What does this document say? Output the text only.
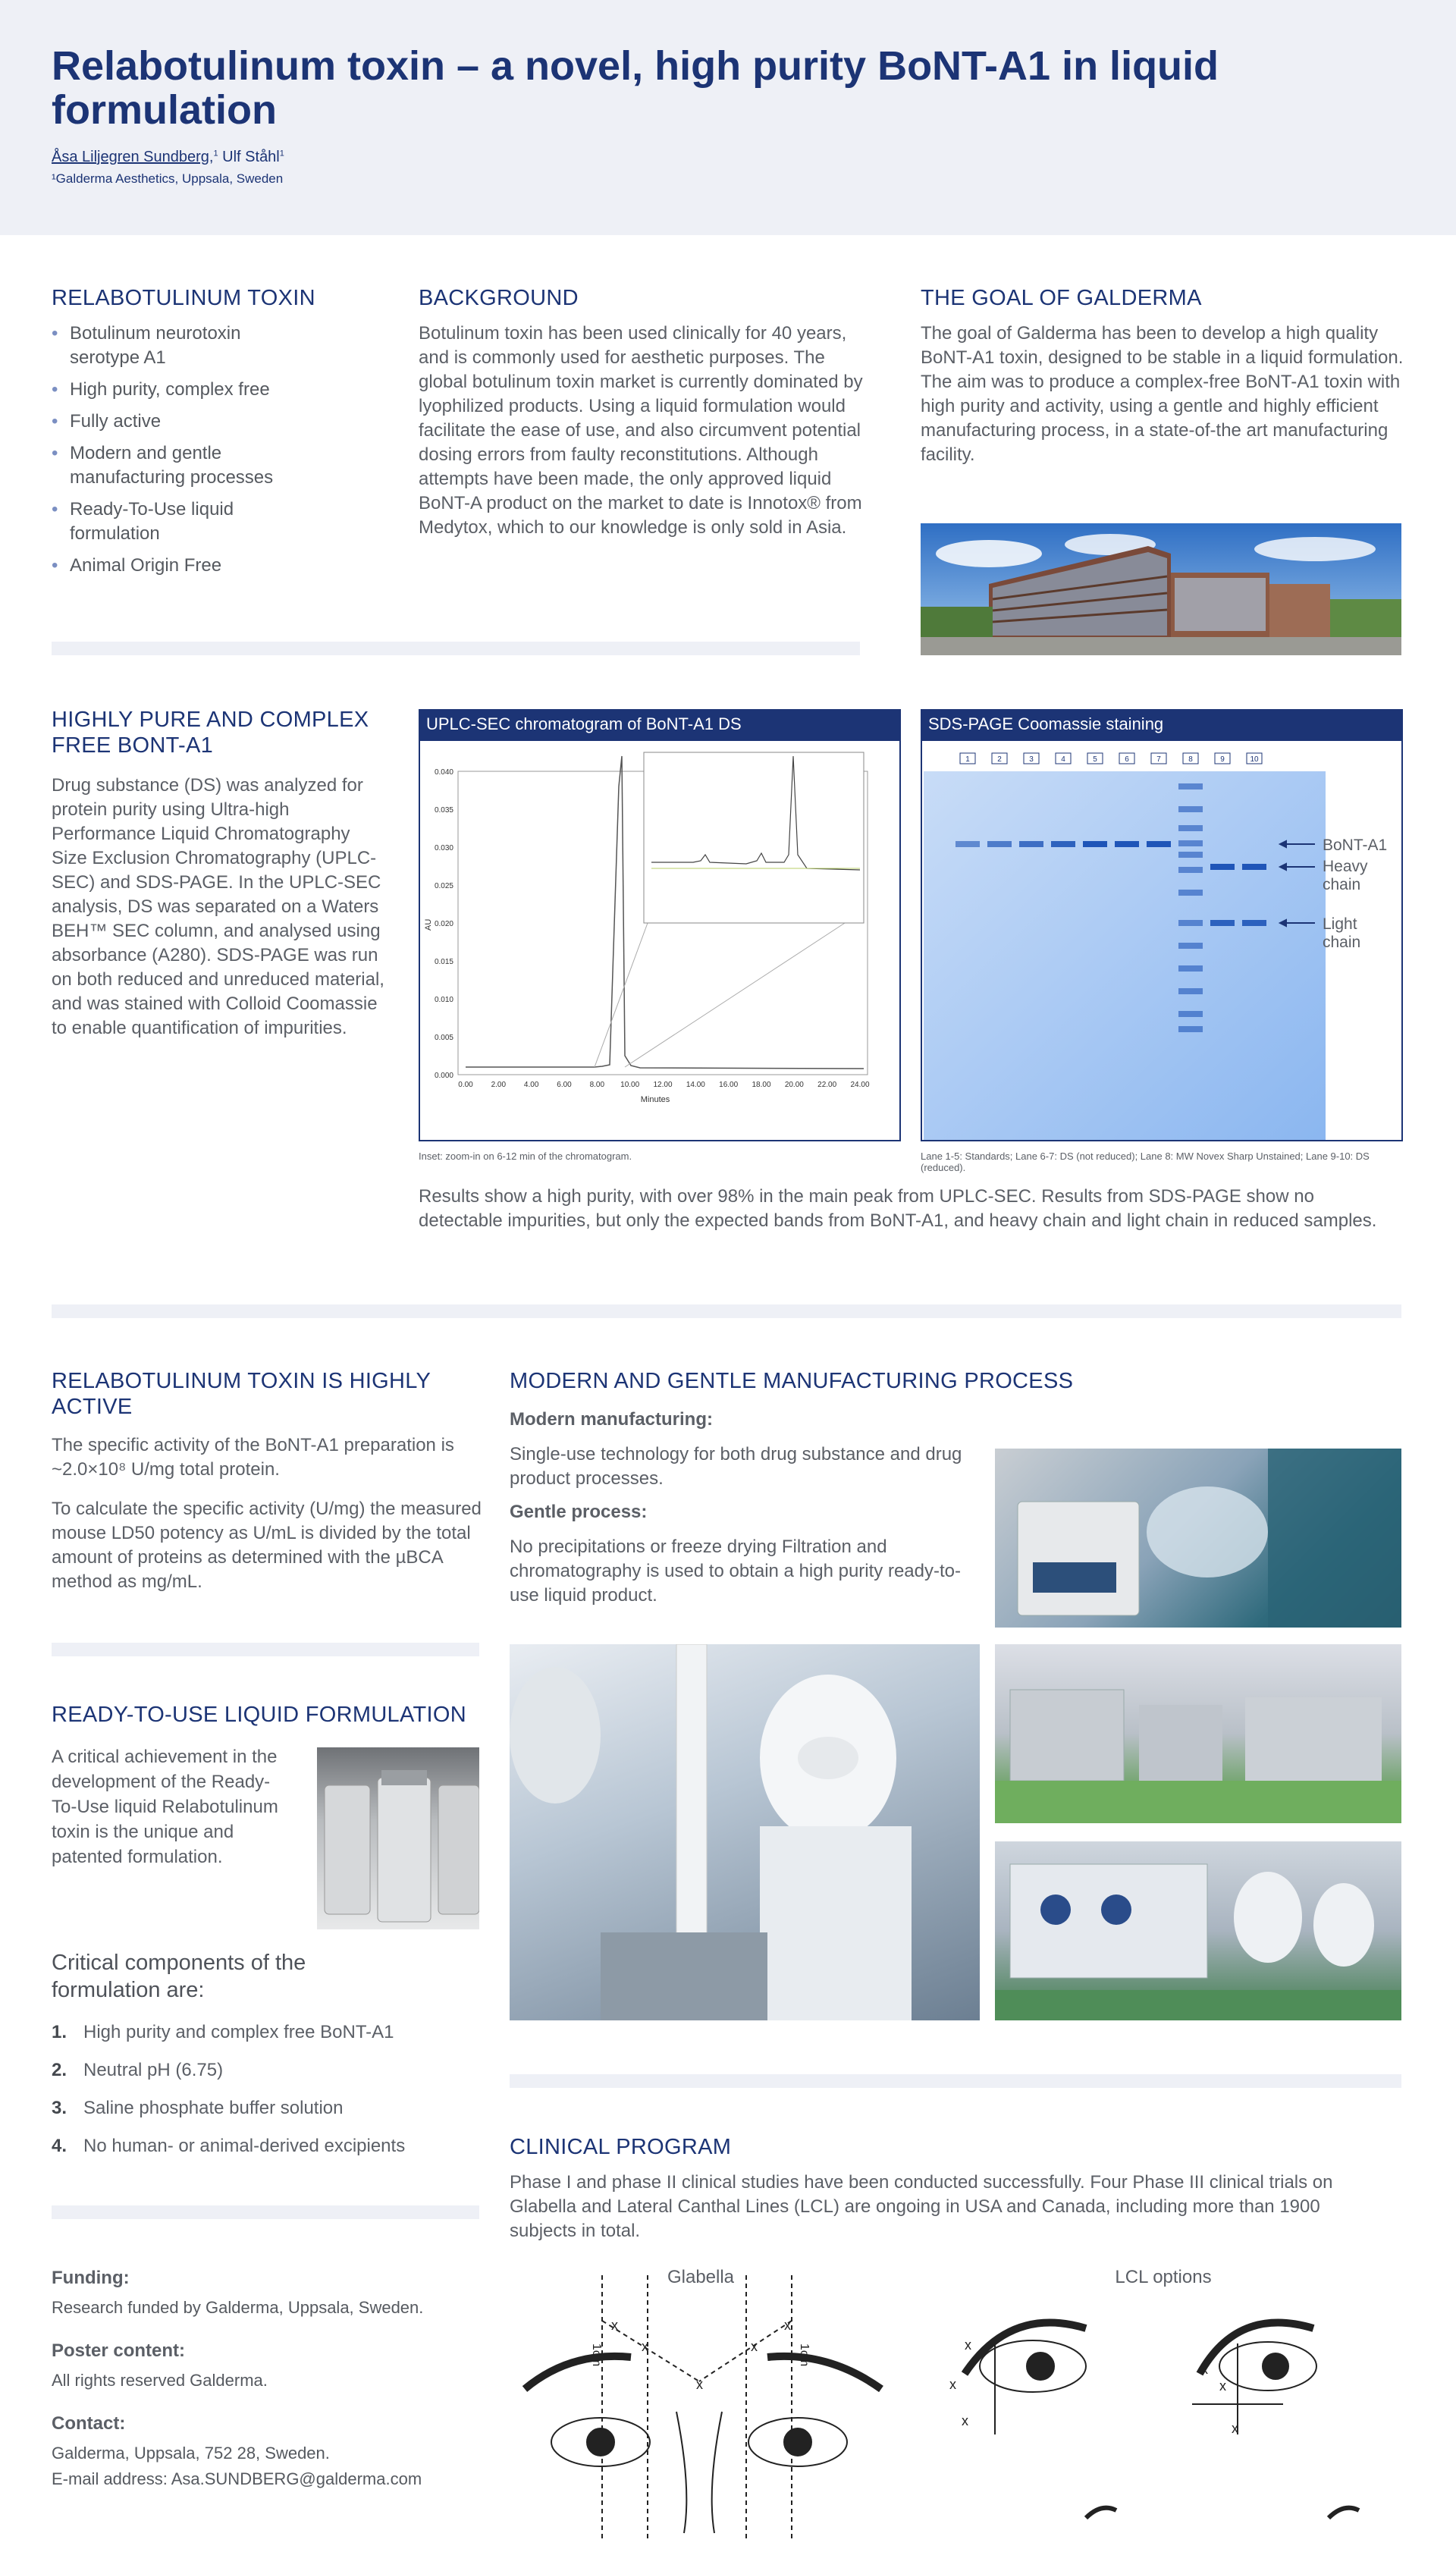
Relabotulinum toxin – a novel, high purity BoNT-A1 in liquid formulation
Åsa Liljegren Sundberg,$^1$ Ulf Ståhl$^1$
¹Galderma Aesthetics, Uppsala, Sweden
RELABOTULINUM TOXIN
• Botulinum neurotoxin serotype A1
• High purity, complex free
• Fully active
• Modern and gentle manufacturing processes
• Ready-To-Use liquid formulation
• Animal Origin Free
BACKGROUND

Botulinum toxin has been used clinically for 40 years, and is commonly used for aesthetic purposes. The global botulinum toxin market is currently dominated by lyophilized products. Using a liquid formulation would facilitate the ease of use, and also circumvent potential dosing errors from faulty reconstitutions. Although attempts have been made, the only approved liquid BoNT-A product on the market to date is Innotox® from Medytox, which to our knowledge is only sold in Asia.

THE GOAL OF GALDERMA

The goal of Galderma has been to develop a high quality BoNT-A1 toxin, designed to be stable in a liquid formulation. The aim was to produce a complex-free BoNT-A1 toxin with high purity and activity, using a gentle and highly efficient manufacturing process, in a state-of-the art manufacturing facility.

HIGHLY PURE AND COMPLEX FREE BONT-A1

Drug substance (DS) was analyzed for protein purity using Ultra-high Performance Liquid Chromatography Size Exclusion Chromatography (UPLC-SEC) and SDS-PAGE. In the UPLC-SEC analysis, DS was separated on a Waters BEH™ SEC column, and analysed using absorbance (A280). SDS-PAGE was run on both reduced and unreduced material, and was stained with Colloid Coomassie to enable quantification of impurities.

UPLC-SEC chromatogram of BoNT-A1 DS
0.040
0.035
0.030
0.025
0.020
0.015
0.010
0.005
0.000
0.00 2.00 4.00 6.00 8.00 10.00 12.00 14.00 16.00 18.00 20.00 22.00 24.00
AU
Minutes
Inset: zoom-in on 6-12 min of the chromatogram.
SDS-PAGE Coomassie staining
1	2	3	4	5	6	7	8	9	10
BoNT-A1
Heavy chain
Light chain
Lane 1-5: Standards; Lane 6-7: DS (not reduced); Lane 8: MW Novex Sharp Unstained; Lane 9-10: DS (reduced).

Results show a high purity, with over 98% in the main peak from UPLC-SEC. Results from SDS-PAGE show no detectable impurities, but only the expected bands from BoNT-A1, and heavy chain and light chain in reduced samples.

RELABOTULINUM TOXIN IS HIGHLY ACTIVE

The specific activity of the BoNT-A1 preparation is ~2.0×10⁸ U/mg total protein.

To calculate the specific activity (U/mg) the measured mouse LD50 potency as U/mL is divided by the total amount of proteins as determined with the µBCA method as mg/mL.

MODERN AND GENTLE MANUFACTURING PROCESS
Modern manufacturing:

Single-use technology for both drug substance and drug product processes.

Gentle process:

No precipitations or freeze drying Filtration and chromatography is used to obtain a high purity ready-to-use liquid product.

READY-TO-USE LIQUID FORMULATION

A critical achievement in the development of the Ready-To-Use liquid Relabotulinum toxin is the unique and patented formulation.

Critical components of the formulation are:
1. High purity and complex free BoNT-A1
2. Neutral pH (6.75)
3. Saline phosphate buffer solution
4. No human- or animal-derived excipients
Funding:
Research funded by Galderma, Uppsala, Sweden.
Poster content:
All rights reserved Galderma.
Contact:
Galderma, Uppsala, 752 28, Sweden.
E-mail address: Asa.SUNDBERG@galderma.com
CLINICAL PROGRAM

Phase I and phase II clinical studies have been conducted successfully. Four Phase III clinical trials on Glabella and Lateral Canthal Lines (LCL) are ongoing in USA and Canada, including more than 1900 subjects in total.

Glabella	LCL options
x
x
x
x
x
x
x
x
x
x
x
1cm	1cm
